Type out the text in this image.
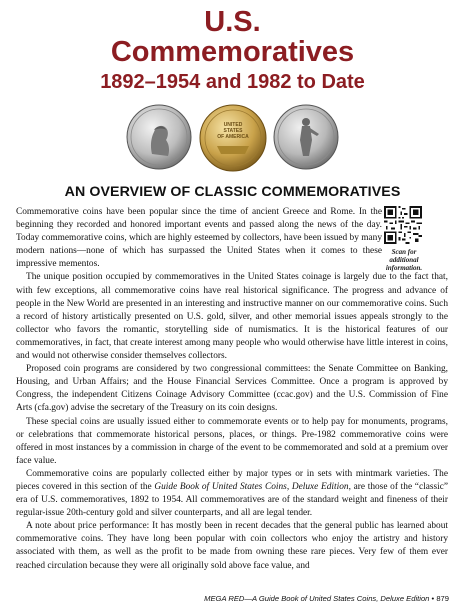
U.S.
Commemoratives
1892–1954 and 1982 to Date
UNITED
STATES
OF AMERICA
AN OVERVIEW OF CLASSIC COMMEMORATIVES
Scan for
additional
information.

Commemorative coins have been popular since the time of ancient Greece and Rome. In the beginning they recorded and honored important events and passed along the news of the day. Today commemorative coins, which are highly esteemed by collectors, have been issued by many modern nations—none of which has surpassed the United States when it comes to these impressive mementos.

The unique position occupied by commemoratives in the United States coinage is largely due to the fact that, with few exceptions, all commemorative coins have real historical significance. The progress and advance of people in the New World are presented in an interesting and instructive manner on our commemorative coins. Such a record of history artistically presented on U.S. gold, silver, and other memorial issues appeals strongly to the collector who favors the romantic, storytelling side of numismatics. It is the historical features of our commemoratives, in fact, that create interest among many people who would otherwise have little interest in coins, and would not otherwise consider themselves collectors.

Proposed coin programs are considered by two congressional committees: the Senate Committee on Banking, Housing, and Urban Affairs; and the House Financial Services Committee. Once a program is approved by Congress, the independent Citizens Coinage Advisory Committee (ccac.gov) and the U.S. Commission of Fine Arts (cfa.gov) advise the secretary of the Treasury on its coin designs.

These special coins are usually issued either to commemorate events or to help pay for monuments, programs, or celebrations that commemorate historical persons, places, or things. Pre-1982 commemorative coins were offered in most instances by a commission in charge of the event to be commemorated and sold at a premium over face value.

Commemorative coins are popularly collected either by major types or in sets with mintmark varieties. The pieces covered in this section of the Guide Book of United States Coins, Deluxe Edition, are those of the “classic” era of U.S. commemoratives, 1892 to 1954. All commemoratives are of the standard weight and fineness of their regular-issue 20th-century gold and silver counterparts, and all are legal tender.

A note about price performance: It has mostly been in recent decades that the general public has learned about commemorative coins. They have long been popular with coin collectors who enjoy the artistry and history associated with them, as well as the profit to be made from owning these rare pieces. Very few of them ever reached circulation because they were all originally sold above face value, and

MEGA RED—A Guide Book of United States Coins, Deluxe Edition • 879
